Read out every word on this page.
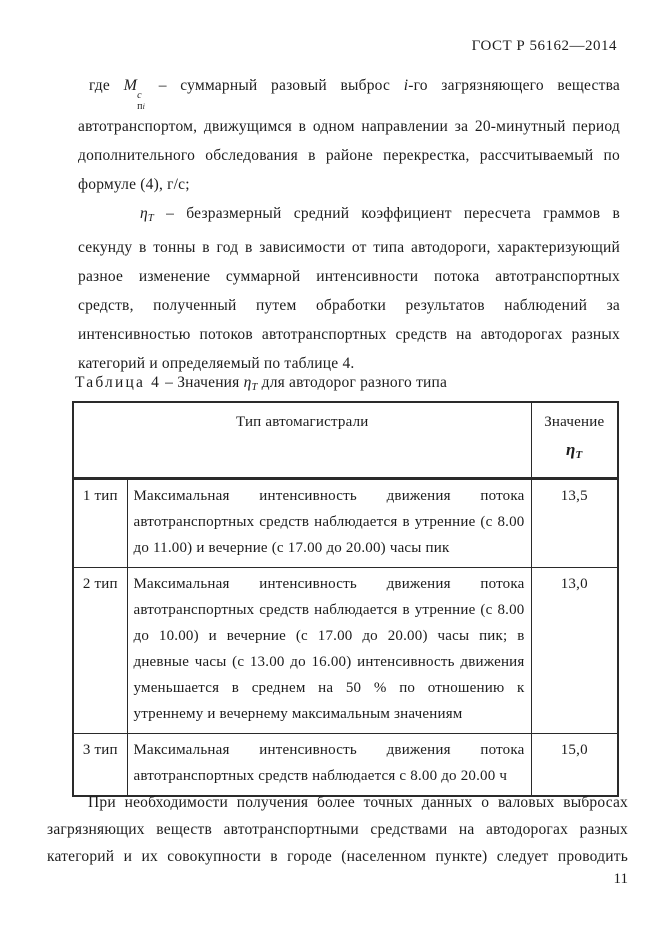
ГОСТ Р 56162—2014

где M
c
пi
– суммарный разовый выброс i-го загрязняющего вещества автотранспортом, движущимся в одном направлении за 20-минутный период дополнительного обследования в районе перекрестка, рассчитываемый по формуле (4), г/с;

ηT – безразмерный средний коэффициент пересчета граммов в секунду в тонны в год в зависимости от типа автодороги, характеризующий разное изменение суммарной интенсивности потока автотранспортных средств, полученный путем обработки результатов наблюдений за интенсивностью потоков автотранспортных средств на автодорогах разных категорий и определяемый по таблице 4.

Таблица 4 – Значения ηT для автодорог разного типа
Тип автомагистрали		Значение
$\eta_T$
1 тип	Максимальная интенсивность движения потока автотранспортных средств наблюдается в утренние (с 8.00 до 11.00) и вечерние (с 17.00 до 20.00) часы пик	13,5
2 тип	Максимальная интенсивность движения потока автотранспортных средств наблюдается в утренние (с 8.00 до 10.00) и вечерние (с 17.00 до 20.00) часы пик; в дневные часы (с 13.00 до 16.00) интенсивность движения уменьшается в среднем на 50 % по отношению к утреннему и вечернему максимальным значениям	13,0
3 тип	Максимальная интенсивность движения потока автотранспортных средств наблюдается с 8.00 до 20.00 ч	15,0

При необходимости получения более точных данных о валовых выбросах загрязняющих веществ автотранспортными средствами на автодорогах разных категорий и их совокупности в городе (населенном пункте) следует проводить

11
